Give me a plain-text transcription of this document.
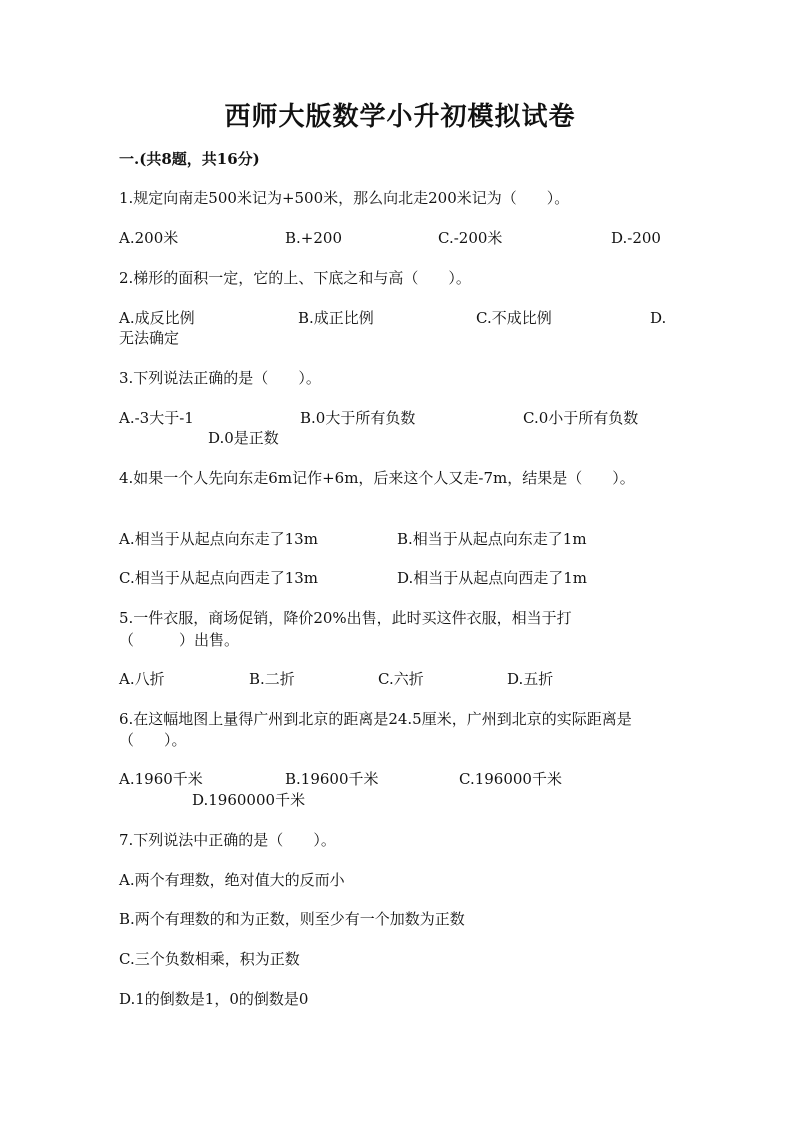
西师大版数学小升初模拟试卷
一.(共8题，共16分)
1.规定向南走500米记为+500米，那么向北走200米记为（　　）。
A.200米	B.+200	C.-200米	D.-200
2.梯形的面积一定，它的上、下底之和与高（　　）。
A.成反比例	B.成正比例	C.不成比例	D.
无法确定
3.下列说法正确的是（　　）。
A.-3大于-1	B.0大于所有负数	C.0小于所有负数
D.0是正数
4.如果一个人先向东走6m记作+6m，后来这个人又走-7m，结果是（　　）。
A.相当于从起点向东走了13m	B.相当于从起点向东走了1m
C.相当于从起点向西走了13m	D.相当于从起点向西走了1m
5.一件衣服，商场促销，降价20%出售，此时买这件衣服，相当于打
（　　　）出售。
A.八折	B.二折	C.六折	D.五折
6.在这幅地图上量得广州到北京的距离是24.5厘米，广州到北京的实际距离是
（　　）。
A.1960千米	B.19600千米	C.196000千米
D.1960000千米
7.下列说法中正确的是（　　）。
A.两个有理数，绝对值大的反而小
B.两个有理数的和为正数，则至少有一个加数为正数
C.三个负数相乘，积为正数
D.1的倒数是1，0的倒数是0
